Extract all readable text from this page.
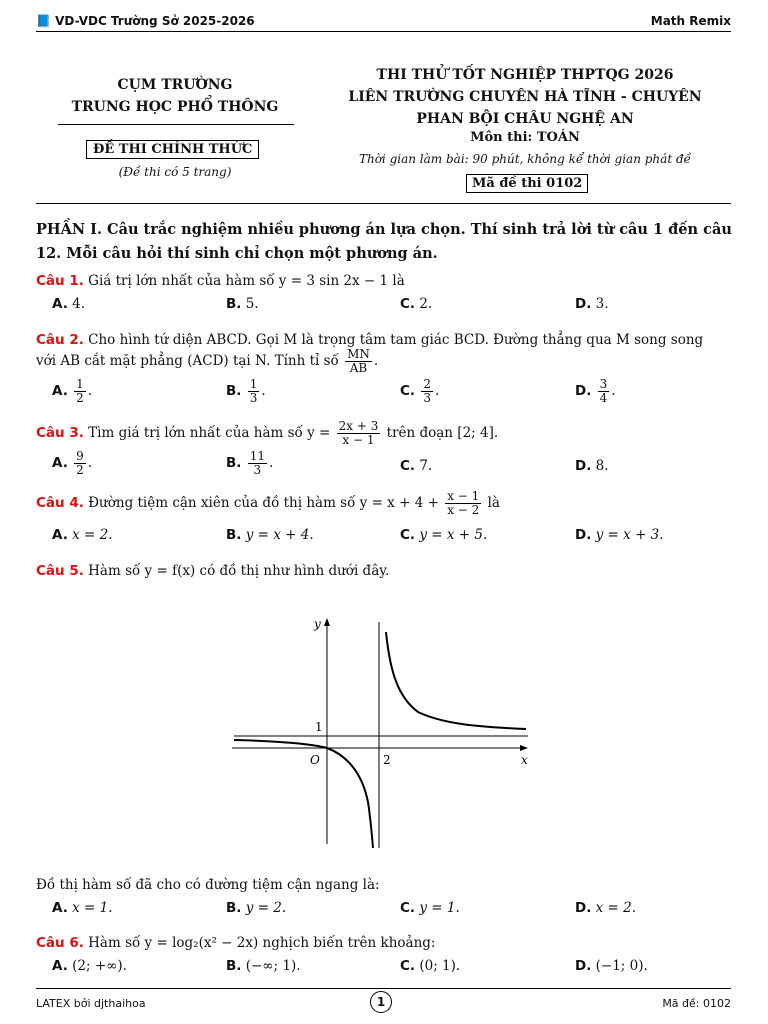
📘 VD-VDC Trường Sở 2025-2026	Math Remix
CỤM TRƯỜNG
TRUNG HỌC PHỔ THÔNG
ĐỀ THI CHÍNH THỨC
(Đề thi có 5 trang)
THI THỬ TỐT NGHIỆP THPTQG 2026
LIÊN TRƯỜNG CHUYÊN HÀ TĨNH - CHUYÊN
PHAN BỘI CHÂU NGHỆ AN
Môn thi: TOÁN
Thời gian làm bài: 90 phút, không kể thời gian phát đề
Mã đề thi 0102
PHẦN I. Câu trắc nghiệm nhiều phương án lựa chọn. Thí sinh trả lời từ câu 1 đến câu 12. Mỗi câu hỏi thí sinh chỉ chọn một phương án.
Câu 1. Giá trị lớn nhất của hàm số y = 3 sin 2x − 1 là
A. 4.	B. 5.	C. 2.	D. 3.
Câu 2. Cho hình tứ diện ABCD. Gọi M là trọng tâm tam giác BCD. Đường thẳng qua M song song
với AB cắt mặt phẳng (ACD) tại N. Tính tỉ số $\frac{MN}{AB}$ .
A. $\frac{1}{2}$ .	B. $\frac{1}{3}$ .	C. $\frac{2}{3}$ .	D. $\frac{3}{4}$ .
Câu 3. Tìm giá trị lớn nhất của hàm số $y = \frac{2x + 3}{x - 1}$ trên đoạn [2; 4].
A. $\frac{9}{2}$ .	B. $\frac{11}{3}$ .	C. 7.	D. 8.
Câu 4. Đường tiệm cận xiên của đồ thị hàm số $y = x + 4 + \frac{x - 1}{x - 2}$ là
A. x = 2.	B. y = x + 4.	C. y = x + 5.	D. y = x + 3.
Câu 5. Hàm số y = f(x) có đồ thị như hình dưới đây.
y
x
O
1
2
Đồ thị hàm số đã cho có đường tiệm cận ngang là:
A. x = 1.	B. y = 2.	C. y = 1.	D. x = 2.
Câu 6. Hàm số y = log₂(x² − 2x) nghịch biến trên khoảng:
A. (2; +∞).	B. (−∞; 1).	C. (0; 1).	D. (−1; 0).
LATEX bởi djthaihoa	1	Mã đề: 0102
